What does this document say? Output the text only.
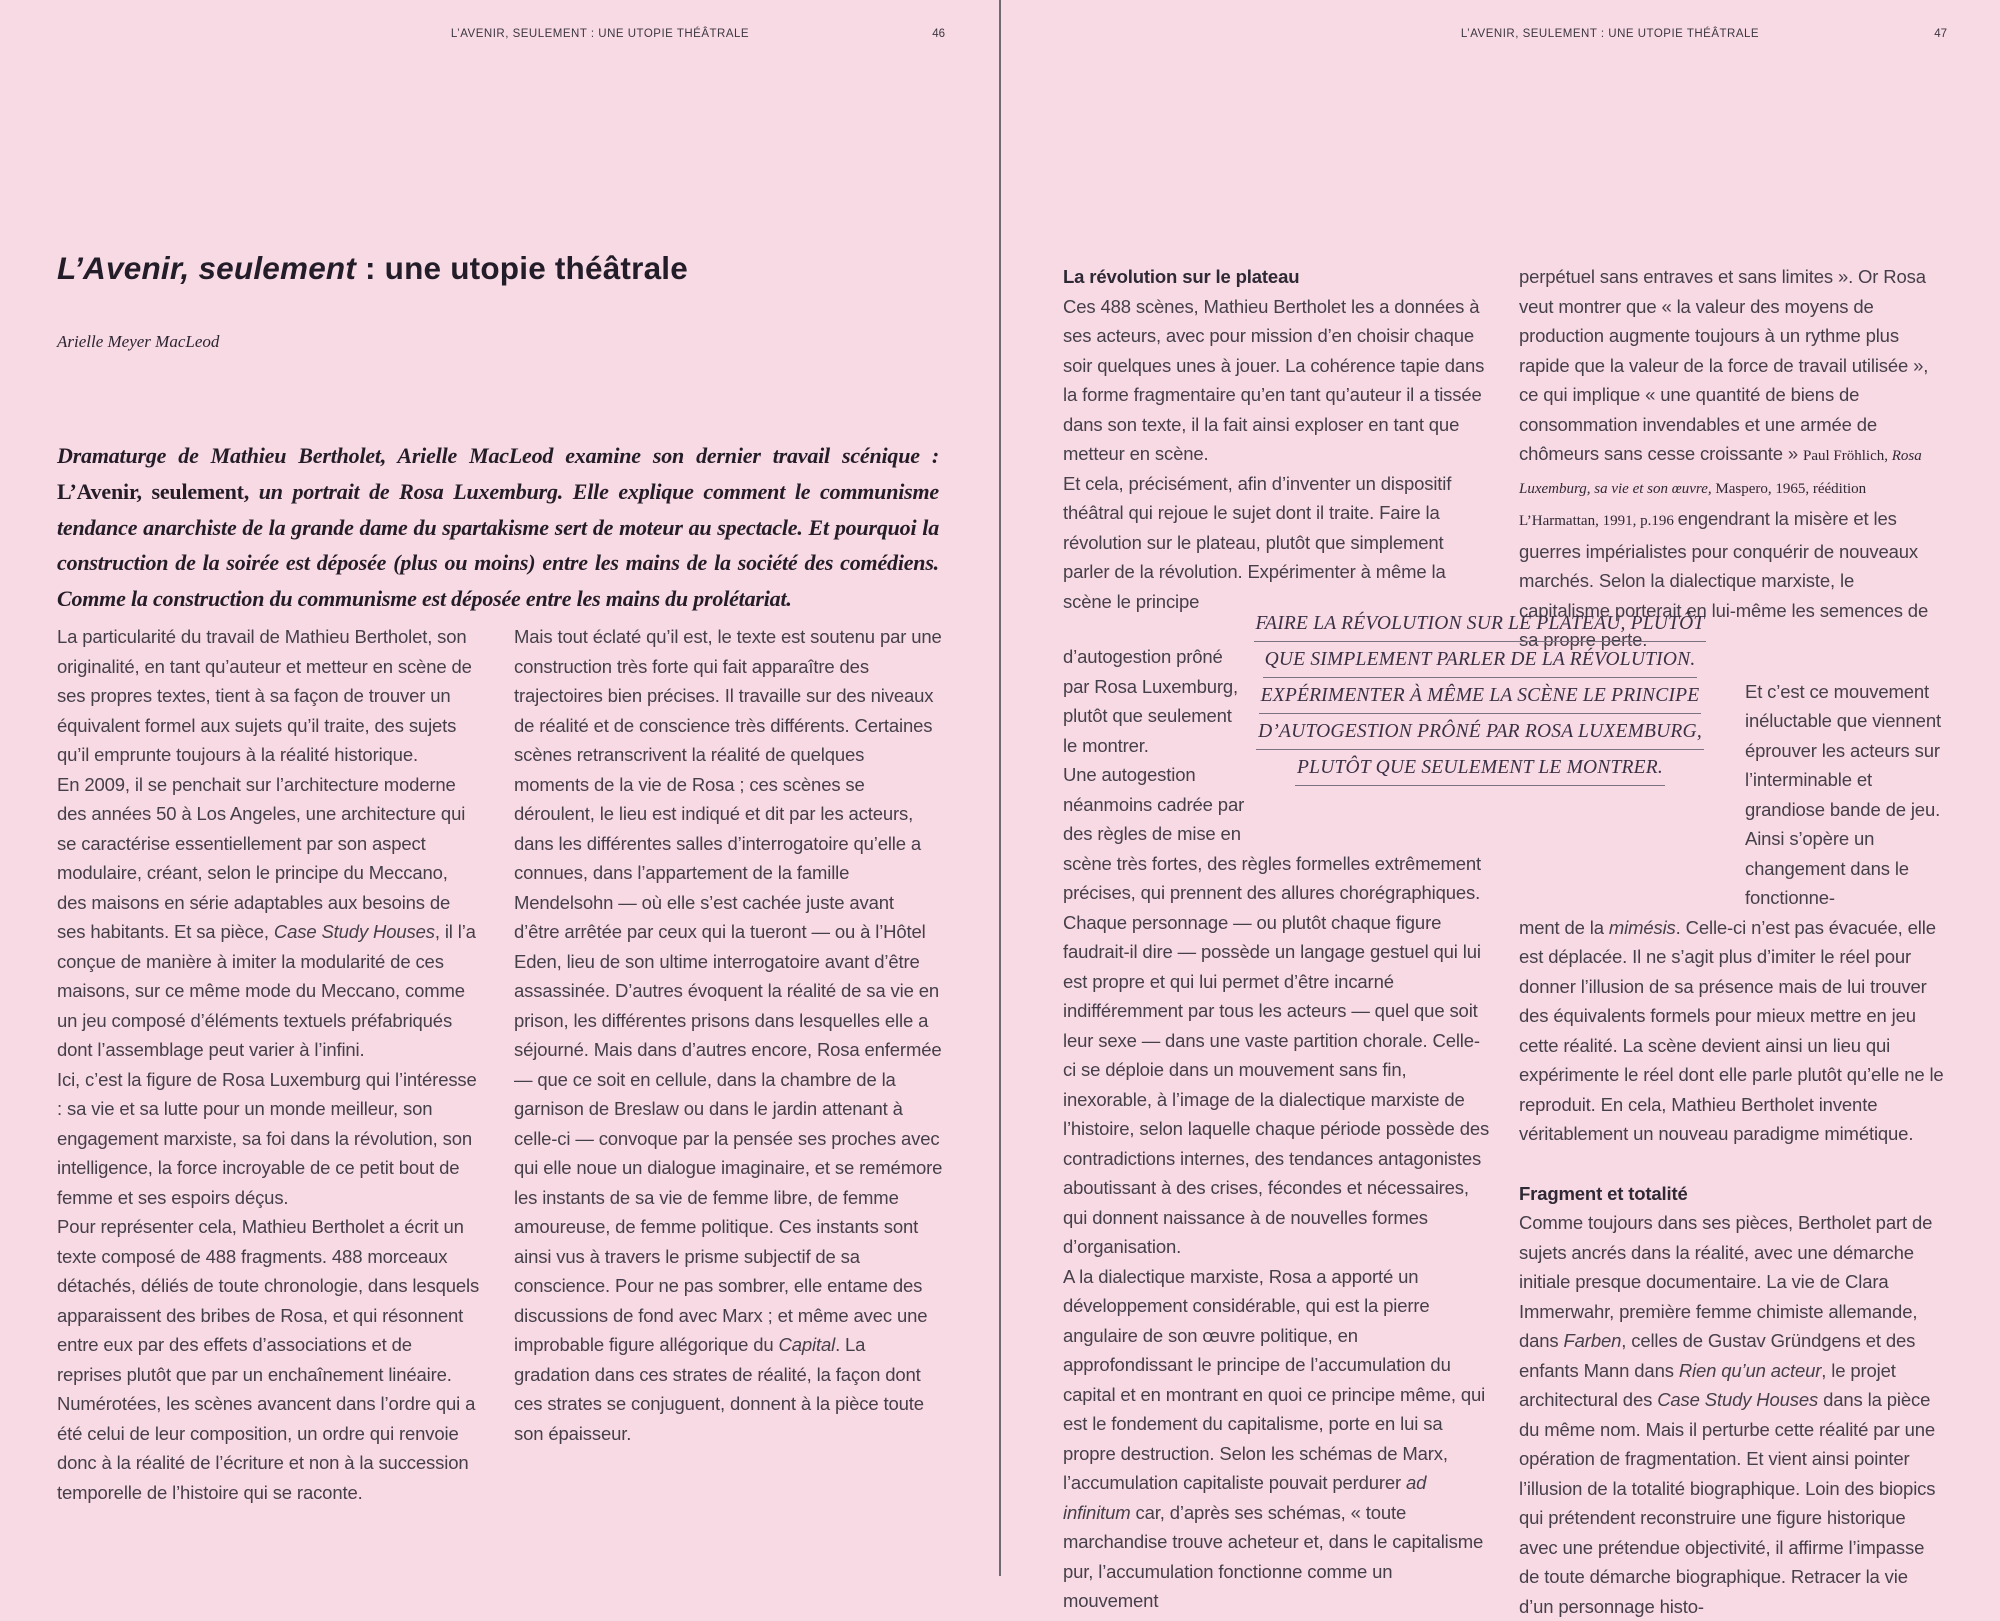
L’AVENIR, SEULEMENT : UNE UTOPIE THÉÂTRALE	46
L’Avenir, seulement : une utopie théâtrale
Arielle Meyer MacLeod

Dramaturge de Mathieu Bertholet, Arielle MacLeod examine son dernier travail scénique : L’Avenir, seulement, un portrait de Rosa Luxemburg. Elle explique comment le communisme tendance anarchiste de la grande dame du spartakisme sert de moteur au spectacle. Et pourquoi la construction de la soirée est déposée (plus ou moins) entre les mains de la société des comédiens. Comme la construction du communisme est déposée entre les mains du prolétariat.

La particularité du travail de Mathieu Bertholet, son originalité, en tant qu’auteur et metteur en scène de ses propres textes, tient à sa façon de trouver un équivalent formel aux sujets qu’il traite, des sujets qu’il emprunte toujours à la réalité historique.

En 2009, il se penchait sur l’architecture moderne des années 50 à Los Angeles, une architecture qui se caractérise essentiellement par son aspect modulaire, créant, selon le principe du Meccano, des maisons en série adaptables aux besoins de ses habitants. Et sa pièce, Case Study Houses, il l’a conçue de manière à imiter la modularité de ces maisons, sur ce même mode du Meccano, comme un jeu composé d’éléments textuels préfabriqués dont l’assemblage peut varier à l’infini.

Ici, c’est la figure de Rosa Luxemburg qui l’intéresse : sa vie et sa lutte pour un monde meilleur, son engagement marxiste, sa foi dans la révolution, son intelligence, la force incroyable de ce petit bout de femme et ses espoirs déçus.

Pour représenter cela, Mathieu Bertholet a écrit un texte composé de 488 fragments. 488 morceaux détachés, déliés de toute chronologie, dans lesquels apparaissent des bribes de Rosa, et qui résonnent entre eux par des effets d’associations et de reprises plutôt que par un enchaînement linéaire.

Numérotées, les scènes avancent dans l’ordre qui a été celui de leur composition, un ordre qui renvoie donc à la réalité de l’écriture et non à la succession temporelle de l’histoire qui se raconte.

Mais tout éclaté qu’il est, le texte est soutenu par une construction très forte qui fait apparaître des trajectoires bien précises. Il travaille sur des niveaux de réalité et de conscience très différents. Certaines scènes retranscrivent la réalité de quelques moments de la vie de Rosa ; ces scènes se déroulent, le lieu est indiqué et dit par les acteurs, dans les différentes salles d’interrogatoire qu’elle a connues, dans l’appartement de la famille Mendelsohn — où elle s’est cachée juste avant d’être arrêtée par ceux qui la tueront — ou à l’Hôtel Eden, lieu de son ultime interrogatoire avant d’être assassinée. D’autres évoquent la réalité de sa vie en prison, les différentes prisons dans lesquelles elle a séjourné. Mais dans d’autres encore, Rosa enfermée — que ce soit en cellule, dans la chambre de la garnison de Breslaw ou dans le jardin attenant à celle-ci — convoque par la pensée ses proches avec qui elle noue un dialogue imaginaire, et se remémore les instants de sa vie de femme libre, de femme amoureuse, de femme politique. Ces instants sont ainsi vus à travers le prisme subjectif de sa conscience. Pour ne pas sombrer, elle entame des discussions de fond avec Marx ; et même avec une improbable figure allégorique du Capital. La gradation dans ces strates de réalité, la façon dont ces strates se conjuguent, donnent à la pièce toute son épaisseur.

L’AVENIR, SEULEMENT : UNE UTOPIE THÉÂTRALE	47
La révolution sur le plateau

Ces 488 scènes, Mathieu Bertholet les a données à ses acteurs, avec pour mission d’en choisir chaque soir quelques unes à jouer. La cohérence tapie dans la forme fragmentaire qu’en tant qu’auteur il a tissée dans son texte, il la fait ainsi exploser en tant que metteur en scène.

Et cela, précisément, afin d’inventer un dispositif théâtral qui rejoue le sujet dont il traite. Faire la révolution sur le plateau, plutôt que simplement parler de la révolution. Expérimenter à même la scène le principe

d’autogestion prôné par Rosa Luxemburg, plutôt que seulement le montrer.

Une autogestion néanmoins cadrée par des règles de mise en

scène très fortes, des règles formelles extrêmement précises, qui prennent des allures chorégraphiques. Chaque personnage — ou plutôt chaque figure faudrait-il dire — possède un langage gestuel qui lui est propre et qui lui permet d’être incarné indifféremment par tous les acteurs — quel que soit leur sexe — dans une vaste partition chorale. Celle-ci se déploie dans un mouvement sans fin, inexorable, à l’image de la dialectique marxiste de l’histoire, selon laquelle chaque période possède des contradictions internes, des tendances antagonistes aboutissant à des crises, fécondes et nécessaires, qui donnent naissance à de nouvelles formes d’organisation.

A la dialectique marxiste, Rosa a apporté un développement considérable, qui est la pierre angulaire de son œuvre politique, en approfondissant le principe de l’accumulation du capital et en montrant en quoi ce principe même, qui est le fondement du capitalisme, porte en lui sa propre destruction. Selon les schémas de Marx, l’accumulation capitaliste pouvait perdurer ad infinitum car, d’après ses schémas, « toute marchandise trouve acheteur et, dans le capitalisme pur, l’accumulation fonctionne comme un mouvement

perpétuel sans entraves et sans limites ». Or Rosa veut montrer que « la valeur des moyens de production augmente toujours à un rythme plus rapide que la valeur de la force de travail utilisée », ce qui implique « une quantité de biens de consommation invendables et une armée de chômeurs sans cesse croissante » Paul Fröhlich, Rosa Luxemburg, sa vie et son œuvre, Maspero, 1965, réédition L’Harmattan, 1991, p.196 engendrant la misère et les guerres impérialistes pour conquérir de nouveaux marchés. Selon la dialectique marxiste, le capitalisme porterait en lui-même les semences de sa propre perte.

Et c’est ce mouvement inéluctable que viennent éprouver les acteurs sur l’interminable et grandiose bande de jeu.

Ainsi s’opère un changement dans le fonctionne-

ment de la mimésis. Celle-ci n’est pas évacuée, elle est déplacée. Il ne s’agit plus d’imiter le réel pour donner l’illusion de sa présence mais de lui trouver des équivalents formels pour mieux mettre en jeu cette réalité. La scène devient ainsi un lieu qui expérimente le réel dont elle parle plutôt qu’elle ne le reproduit. En cela, Mathieu Bertholet invente véritablement un nouveau paradigme mimétique.

Fragment et totalité

Comme toujours dans ses pièces, Bertholet part de sujets ancrés dans la réalité, avec une démarche initiale presque documentaire. La vie de Clara Immerwahr, première femme chimiste allemande, dans Farben, celles de Gustav Gründgens et des enfants Mann dans Rien qu’un acteur, le projet architectural des Case Study Houses dans la pièce du même nom. Mais il perturbe cette réalité par une opération de fragmentation. Et vient ainsi pointer l’illusion de la totalité biographique. Loin des biopics qui prétendent reconstruire une figure historique avec une prétendue objectivité, il affirme l’impasse de toute démarche biographique. Retracer la vie d’un personnage histo-

FAIRE LA RÉVOLUTION SUR LE PLATEAU, PLUTÔT
QUE SIMPLEMENT PARLER DE LA RÉVOLUTION.
EXPÉRIMENTER À MÊME LA SCÈNE LE PRINCIPE
D’AUTOGESTION PRÔNÉ PAR ROSA LUXEMBURG,
PLUTÔT QUE SEULEMENT LE MONTRER.
